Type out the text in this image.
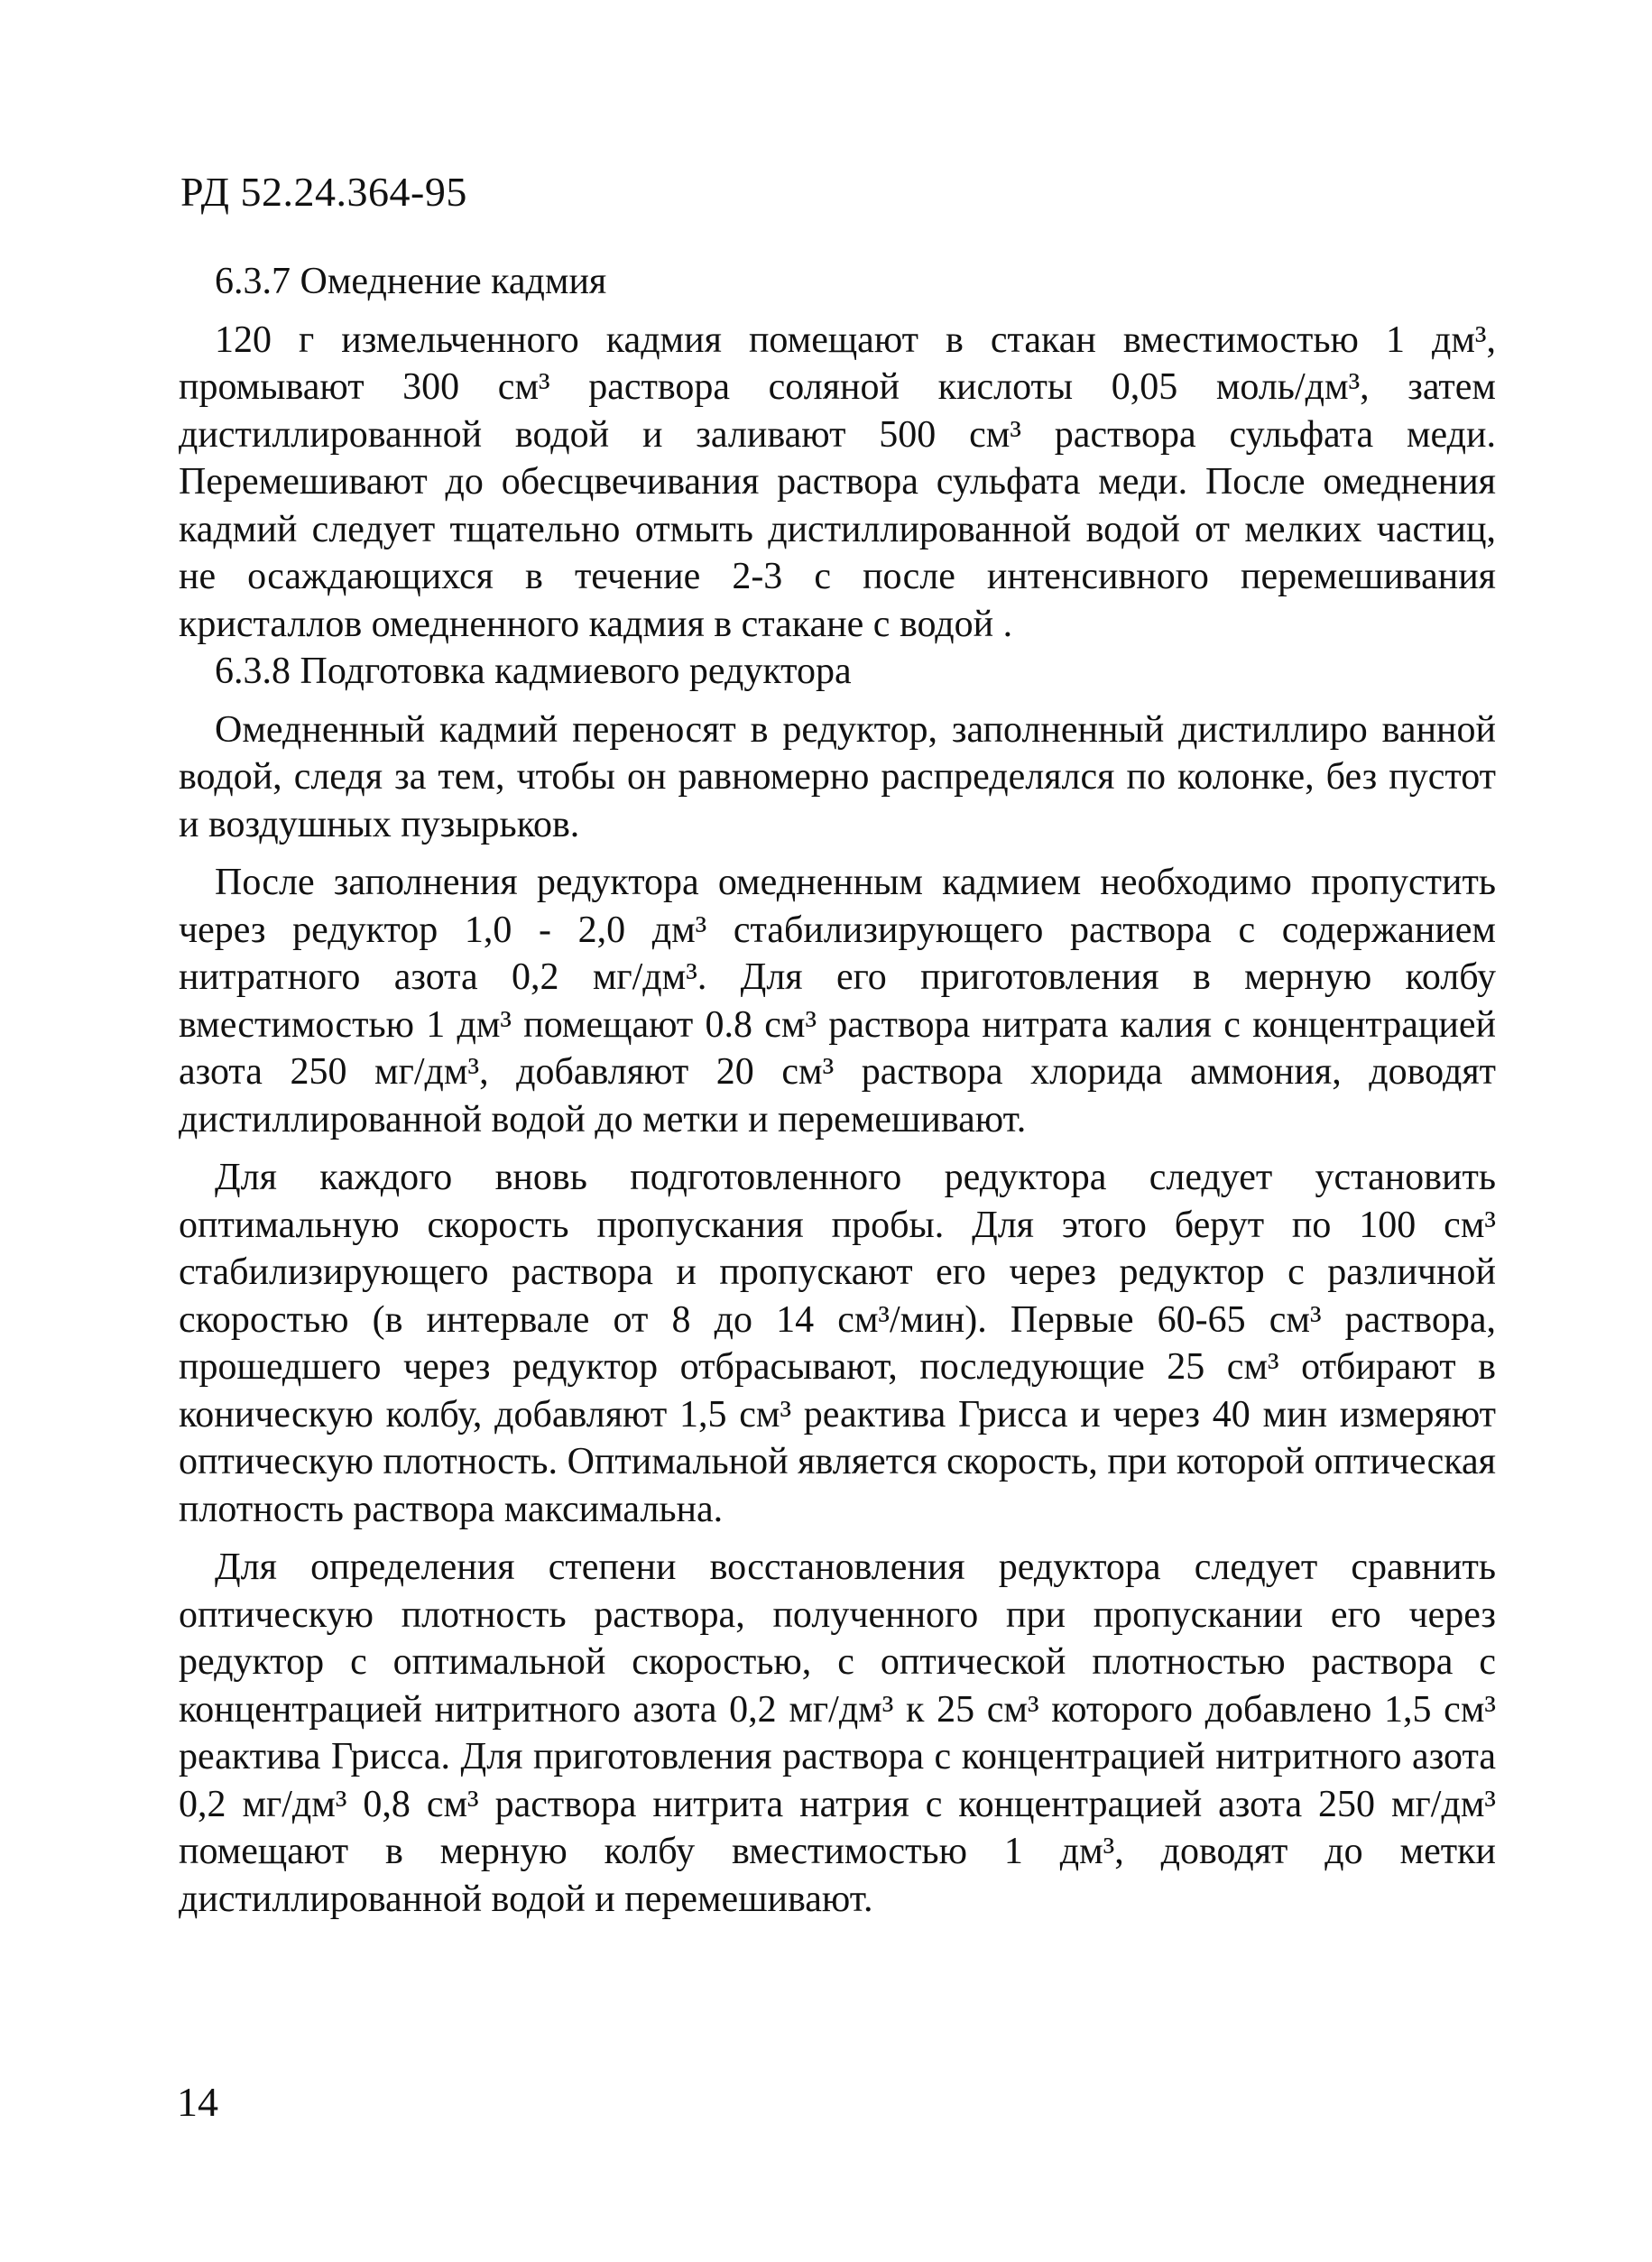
РД 52.24.364-95

6.3.7 Омеднение кадмия

120 г измельченного кадмия помещают в стакан вместимостью 1 дм³, промывают 300 см³ раствора соляной кислоты 0,05 моль/дм³, затем дистиллированной водой и заливают 500 см³ раствора сульфата меди. Перемешивают до обесцвечивания раствора сульфата меди. После омеднения кадмий следует тщательно отмыть дистиллированной водой от мелких частиц, не осаждающихся в течение 2-3 с после интенсивного перемешивания кристаллов омедненного кадмия в стакане с водой .

6.3.8 Подготовка кадмиевого редуктора

Омедненный кадмий переносят в редуктор, заполненный дистиллиро ванной водой, следя за тем, чтобы он равномерно распределялся по колонке, без пустот и воздушных пузырьков.

После заполнения редуктора омедненным кадмием необходимо пропустить через редуктор 1,0 - 2,0 дм³ стабилизирующего раствора с содержанием нитратного азота 0,2 мг/дм³. Для его приготовления в мерную колбу вместимостью 1 дм³ помещают 0.8 см³ раствора нитрата калия с концентрацией азота 250 мг/дм³, добавляют 20 см³ раствора хлорида аммония, доводят дистиллированной водой до метки и перемешивают.

Для каждого вновь подготовленного редуктора следует установить оптимальную скорость пропускания пробы. Для этого берут по 100 см³ стабилизирующего раствора и пропускают его через редуктор с различной скоростью (в интервале от 8 до 14 см³/мин). Первые 60-65 см³ раствора, прошедшего через редуктор отбрасывают, последующие 25 см³ отбирают в коническую колбу, добавляют 1,5 см³ реактива Грисса и через 40 мин измеряют оптическую плотность. Оптимальной является скорость, при которой оптическая плотность раствора максимальна.

Для определения степени восстановления редуктора следует сравнить оптическую плотность раствора, полученного при пропускании его через редуктор с оптимальной скоростью, с оптической плотностью раствора с концентрацией нитритного азота 0,2 мг/дм³ к 25 см³ которого добавлено 1,5 см³ реактива Грисса. Для приготовления раствора с концентрацией нитритного азота 0,2 мг/дм³ 0,8 см³ раствора нитрита натрия с концентрацией азота 250 мг/дм³ помещают в мерную колбу вместимостью 1 дм³, доводят до метки дистиллированной водой и перемешивают.

14
